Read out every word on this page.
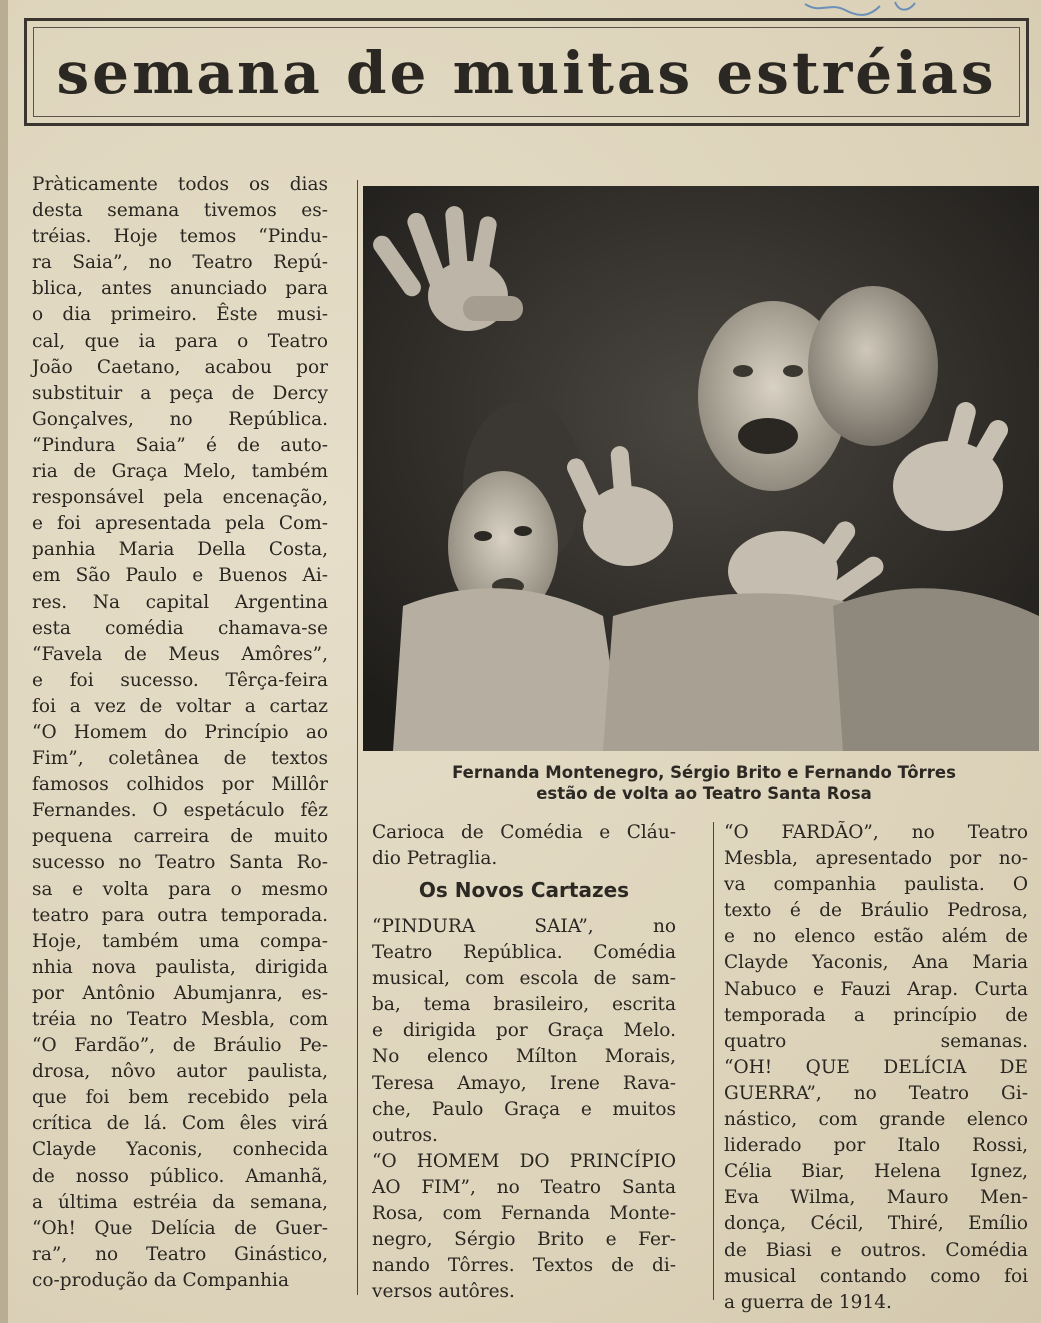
semana de muitas estréias
Pràticamente todos os dias
desta semana tivemos es-
tréias. Hoje temos “Pindu-
ra Saia”, no Teatro Repú-
blica, antes anunciado para
o dia primeiro. Êste musi-
cal, que ia para o Teatro
João Caetano, acabou por
substituir a peça de Dercy
Gonçalves, no República.
“Pindura Saia” é de auto-
ria de Graça Melo, também
responsável pela encenação,
e foi apresentada pela Com-
panhia Maria Della Costa,
em São Paulo e Buenos Ai-
res. Na capital Argentina
esta comédia chamava-se
“Favela de Meus Amôres”,
e foi sucesso. Têrça-feira
foi a vez de voltar a cartaz
“O Homem do Princípio ao
Fim”, coletânea de textos
famosos colhidos por Millôr
Fernandes. O espetáculo fêz
pequena carreira de muito
sucesso no Teatro Santa Ro-
sa e volta para o mesmo
teatro para outra temporada.
Hoje, também uma compa-
nhia nova paulista, dirigida
por Antônio Abumjanra, es-
tréia no Teatro Mesbla, com
“O Fardão”, de Bráulio Pe-
drosa, nôvo autor paulista,
que foi bem recebido pela
crítica de lá. Com êles virá
Clayde Yaconis, conhecida
de nosso público. Amanhã,
a última estréia da semana,
“Oh! Que Delícia de Guer-
ra”, no Teatro Ginástico,
co-produção da Companhia
Fernanda Montenegro, Sérgio Brito e Fernando Tôrres
estão de volta ao Teatro Santa Rosa
Carioca de Comédia e Cláu-
dio Petraglia.
Os Novos Cartazes
“PINDURA SAIA”, no
Teatro República. Comédia
musical, com escola de sam-
ba, tema brasileiro, escrita
e dirigida por Graça Melo.
No elenco Mílton Morais,
Teresa Amayo, Irene Rava-
che, Paulo Graça e muitos
outros.
“O HOMEM DO PRINCÍPIO
AO FIM”, no Teatro Santa
Rosa, com Fernanda Monte-
negro, Sérgio Brito e Fer-
nando Tôrres. Textos de di-
versos autôres.
“O FARDÃO”, no Teatro
Mesbla, apresentado por no-
va companhia paulista. O
texto é de Bráulio Pedrosa,
e no elenco estão além de
Clayde Yaconis, Ana Maria
Nabuco e Fauzi Arap. Curta
temporada a princípio de
quatro semanas.
“OH! QUE DELÍCIA DE
GUERRA”, no Teatro Gi-
nástico, com grande elenco
liderado por Italo Rossi,
Célia Biar, Helena Ignez,
Eva Wilma, Mauro Men-
donça, Cécil, Thiré, Emílio
de Biasi e outros. Comédia
musical contando como foi
a guerra de 1914.
